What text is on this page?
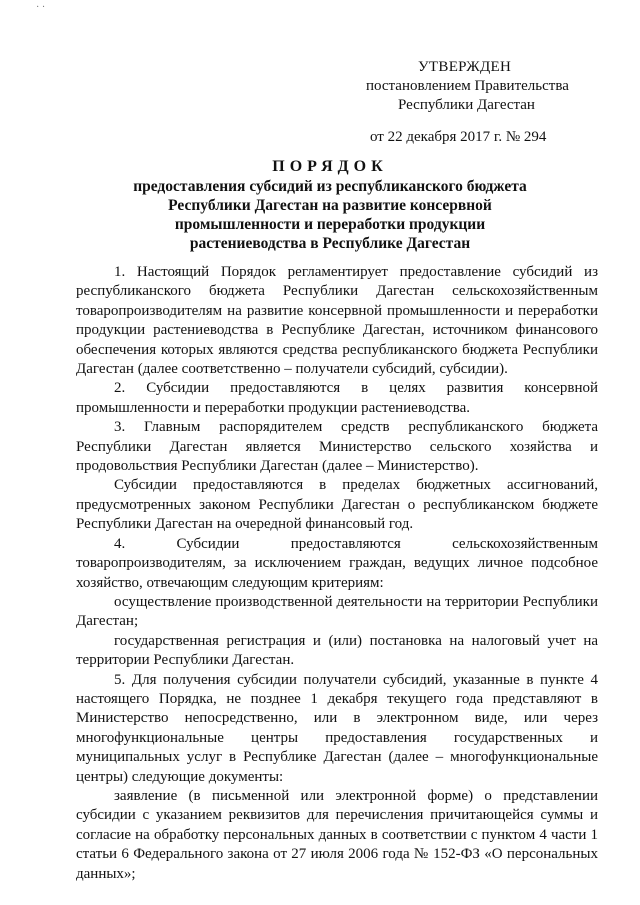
· ·
УТВЕРЖДЕН
постановлением Правительства
Республики Дагестан
от 22 декабря 2017 г. № 294
ПОРЯДОК
предоставления субсидий из республиканского бюджета
Республики Дагестан на развитие консервной
промышленности и переработки продукции
растениеводства в Республике Дагестан

1. Настоящий Порядок регламентирует предоставление субсидий из республиканского бюджета Республики Дагестан сельскохозяйственным товаропроизводителям на развитие консервной промышленности и переработки продукции растениеводства в Республике Дагестан, источником финансового обеспечения которых являются средства республиканского бюджета Республики Дагестан (далее соответственно – получатели субсидий, субсидии).

2. Субсидии предоставляются в целях развития консервной промышленности и переработки продукции растениеводства.

3. Главным распорядителем средств республиканского бюджета Республики Дагестан является Министерство сельского хозяйства и продовольствия Республики Дагестан (далее – Министерство).

Субсидии предоставляются в пределах бюджетных ассигнований, предусмотренных законом Республики Дагестан о республиканском бюджете Республики Дагестан на очередной финансовый год.

4. Субсидии предоставляются сельскохозяйственным товаропроизводителям, за исключением граждан, ведущих личное подсобное хозяйство, отвечающим следующим критериям:

осуществление производственной деятельности на территории Республики Дагестан;

государственная регистрация и (или) постановка на налоговый учет на территории Республики Дагестан.

5. Для получения субсидии получатели субсидий, указанные в пункте 4 настоящего Порядка, не позднее 1 декабря текущего года представляют в Министерство непосредственно, или в электронном виде, или через многофункциональные центры предоставления государственных и муниципальных услуг в Республике Дагестан (далее – многофункциональные центры) следующие документы:

заявление (в письменной или электронной форме) о представлении субсидии с указанием реквизитов для перечисления причитающейся суммы и согласие на обработку персональных данных в соответствии с пунктом 4 части 1 статьи 6 Федерального закона от 27 июля 2006 года № 152-ФЗ «О персональных данных»;
